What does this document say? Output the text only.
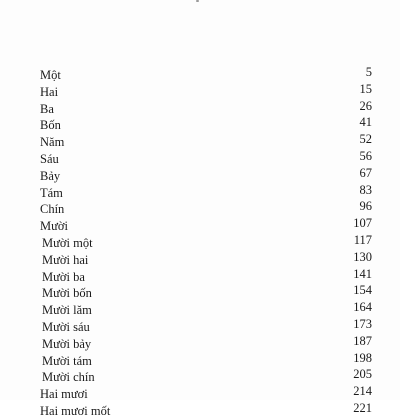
Một	5
Hai	15
Ba	26
Bốn	41
Năm	52
Sáu	56
Bảy	67
Tám	83
Chín	96
Mười	107
Mười một	117
Mười hai	130
Mười ba	141
Mười bốn	154
Mười lăm	164
Mười sáu	173
Mười bảy	187
Mười tám	198
Mười chín	205
Hai mươi	214
Hai mươi mốt	221
